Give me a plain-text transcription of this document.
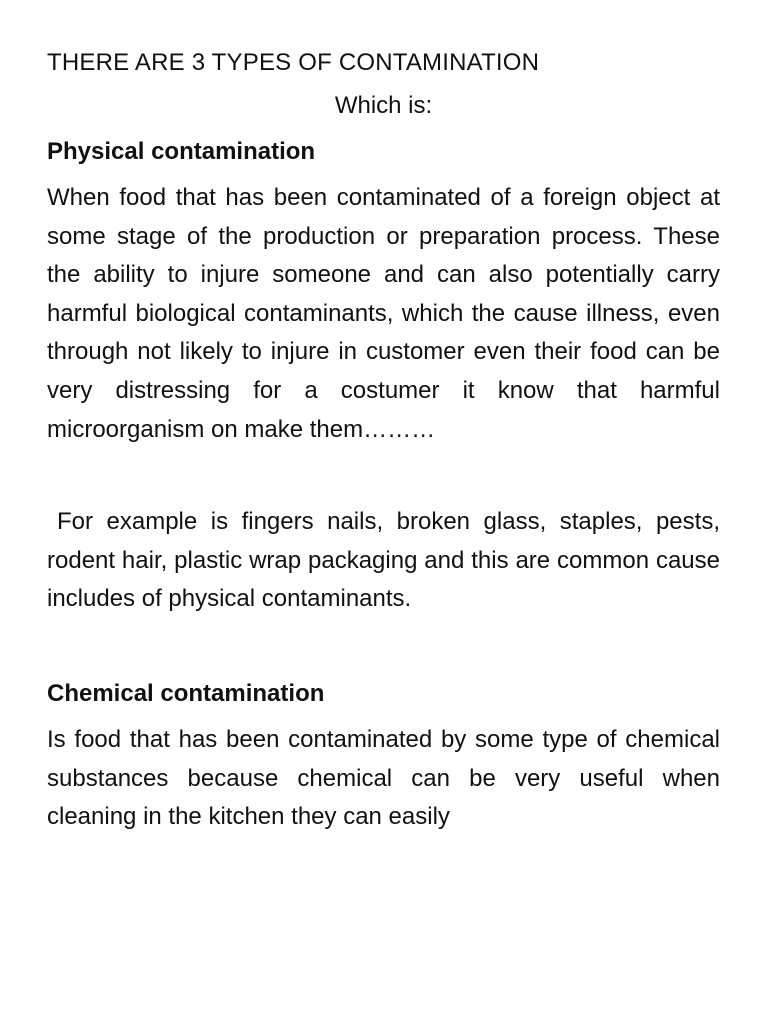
THERE ARE 3 TYPES OF CONTAMINATION
Which is:
Physical contamination

When food that has been contaminated of a foreign object at some stage of the production or preparation process. These the ability to injure someone and can also potentially carry harmful biological contaminants, which the cause illness, even through not likely to injure in customer even their food can be very distressing for a costumer it know that harmful microorganism on make them………

For example is fingers nails, broken glass, staples, pests, rodent hair, plastic wrap packaging and this are common cause includes of physical contaminants.

Chemical contamination

Is food that has been contaminated by some type of chemical substances because chemical can be very useful when cleaning in the kitchen they can easily
